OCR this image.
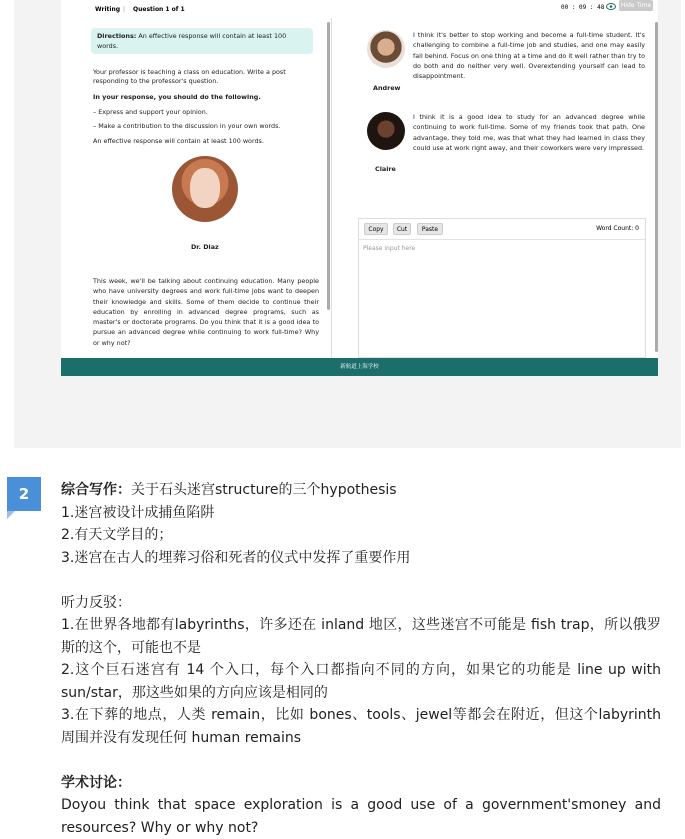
Writing | Question 1 of 1	00 : 09 : 48	Hide Time
Directions: An effective response will contain at least 100 words.
Your professor is teaching a class on education. Write a post responding to the professor's question.
In your response, you should do the following.
– Express and support your opinion.
– Make a contribution to the discussion in your own words.
An effective response will contain at least 100 words.
Dr. Diaz
This week, we'll be talking about continuing education. Many people who have university degrees and work full-time jobs want to deepen their knowledge and skills. Some of them decide to continue their education by enrolling in advanced degree programs, such as master's or doctorate programs. Do you think that it is a good idea to pursue an advanced degree while continuing to work full-time? Why or why not?
Andrew
I think it's better to stop working and become a full-time student. It's challenging to combine a full-time job and studies, and one may easily fall behind. Focus on one thing at a time and do it well rather than try to do both and do neither very well. Overextending yourself can lead to disappointment.
Claire
I think it is a good idea to study for an advanced degree while continuing to work full-time. Some of my friends took that path. One advantage, they told me, was that what they had learned in class they could use at work right away, and their coworkers were very impressed.
新航道上海学校
Copy	Cut	Paste	Word Count: 0
Please input here
2	综合写作：关于石头迷宫structure的三个hypothesis
1.迷宫被设计成捕鱼陷阱
2.有天文学目的；
3.迷宫在古人的埋葬习俗和死者的仪式中发挥了重要作用

听力反驳：
1.在世界各地都有labyrinths，许多还在 inland 地区，这些迷宫不可能是 fish trap，所以俄罗斯的这个，可能也不是
2.这个巨石迷宫有 14 个入口，每个入口都指向不同的方向，如果它的功能是 line up with sun/star，那这些如果的方向应该是相同的
3.在下葬的地点，人类 remain，比如 bones、tools、jewel等都会在附近，但这个labyrinth 周围并没有发现任何 human remains

学术讨论：
Doyou think that space exploration is a good use of a government'smoney and resources? Why or why not?
